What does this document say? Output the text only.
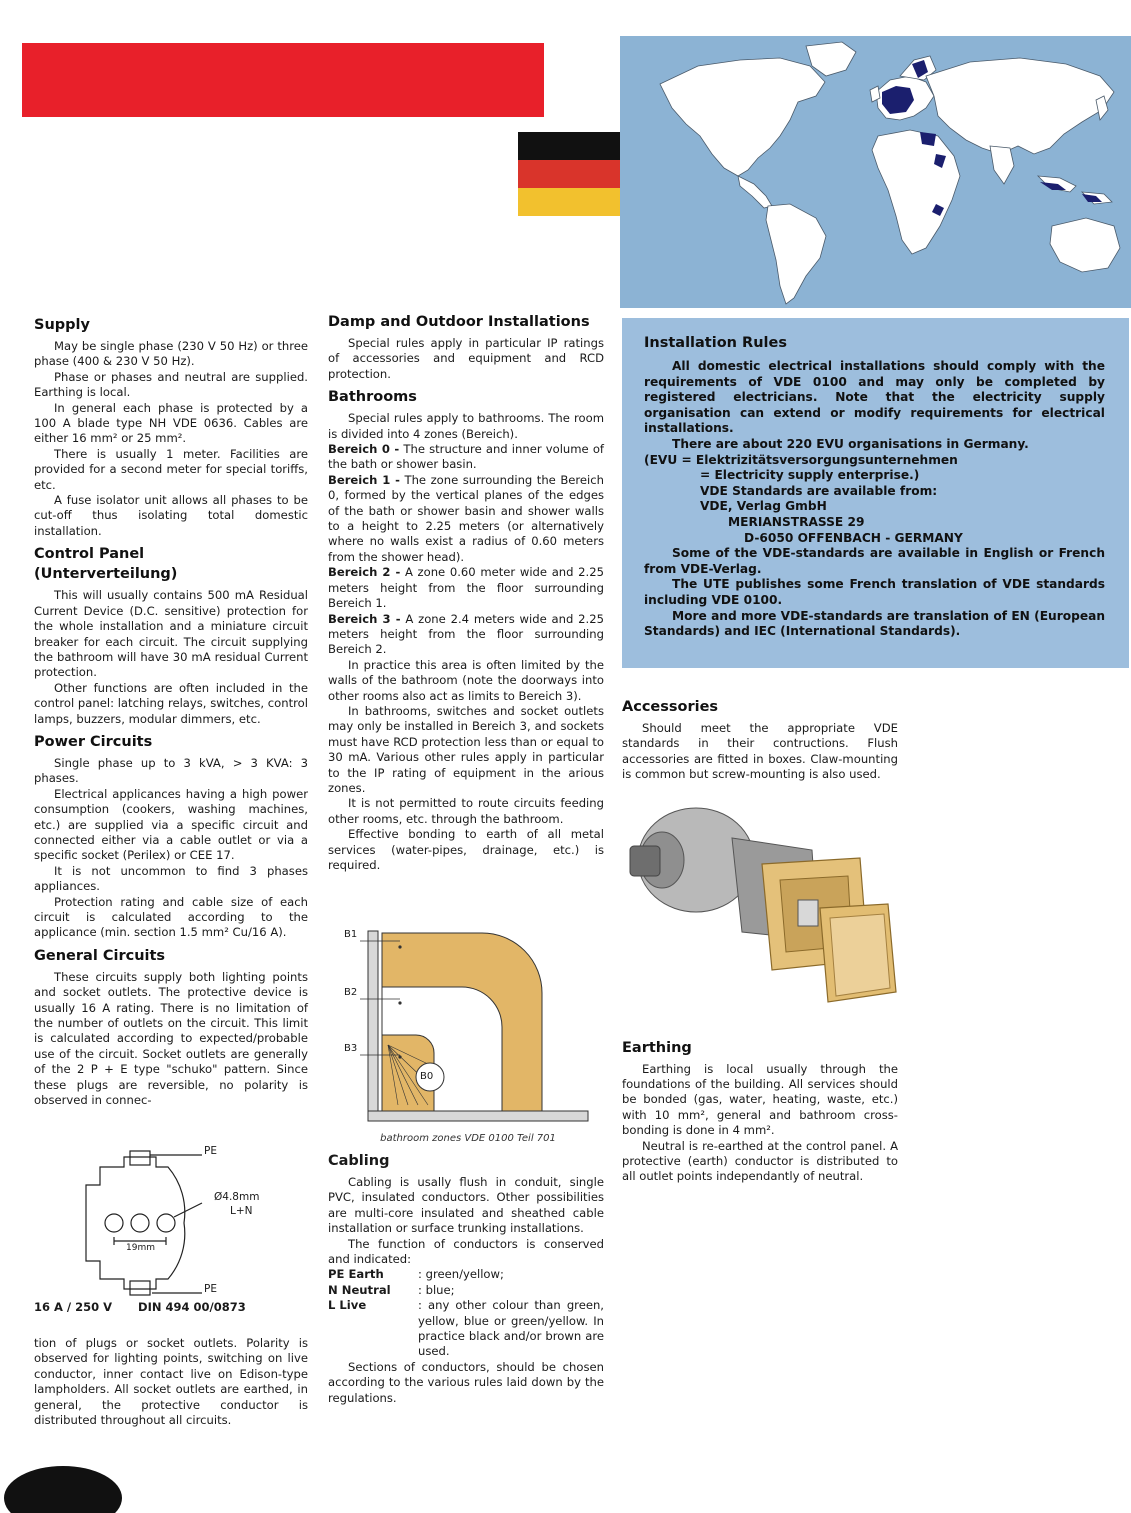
Supply

May be single phase (230 V 50 Hz) or three phase (400 & 230 V 50 Hz).

Phase or phases and neutral are supplied. Earthing is local.

In general each phase is protected by a 100 A blade type NH VDE 0636. Cables are either 16 mm² or 25 mm².

There is usually 1 meter. Facilities are provided for a second meter for special toriffs, etc.

A fuse isolator unit allows all phases to be cut-off thus isolating total domestic installation.

Control Panel
(Unterverteilung)

This will usually contains 500 mA Residual Current Device (D.C. sensitive) protection for the whole installation and a miniature circuit breaker for each circuit. The circuit supplying the bathroom will have 30 mA residual Current protection.

Other functions are often included in the control panel: latching relays, switches, control lamps, buzzers, modular dimmers, etc.

Power Circuits

Single phase up to 3 kVA, > 3 KVA: 3 phases.

Electrical applicances having a high power consumption (cookers, washing machines, etc.) are supplied via a specific circuit and connected either via a cable outlet or via a specific socket (Perilex) or CEE 17.

It is not uncommon to find 3 phases appliances.

Protection rating and cable size of each circuit is calculated according to the applicance (min. section 1.5 mm² Cu/16 A).

General Circuits

These circuits supply both lighting points and socket outlets. The protective device is usually 16 A rating. There is no limitation of the number of outlets on the circuit. This limit is calculated according to expected/probable use of the circuit. Socket outlets are generally of the 2 P + E type "schuko" pattern. Since these plugs are reversible, no polarity is observed in connec-

PE
Ø4.8mm
L+N
19mm
PE
16 A / 250 V DIN 494 00/0873

tion of plugs or socket outlets. Polarity is observed for lighting points, switching on live conductor, inner contact live on Edison-type lampholders. All socket outlets are earthed, in general, the protective conductor is distributed throughout all circuits.

Damp and Outdoor Installations

Special rules apply in particular IP ratings of accessories and equipment and RCD protection.

Bathrooms

Special rules apply to bathrooms. The room is divided into 4 zones (Bereich).

Bereich 0 - The structure and inner volume of the bath or shower basin.

Bereich 1 - The zone surrounding the Bereich 0, formed by the vertical planes of the edges of the bath or shower basin and shower walls to a height to 2.25 meters (or alternatively where no walls exist a radius of 0.60 meters from the shower head).

Bereich 2 - A zone 0.60 meter wide and 2.25 meters height from the floor surrounding Bereich 1.

Bereich 3 - A zone 2.4 meters wide and 2.25 meters height from the floor surrounding Bereich 2.

In practice this area is often limited by the walls of the bathroom (note the doorways into other rooms also act as limits to Bereich 3).

In bathrooms, switches and socket outlets may only be installed in Bereich 3, and sockets must have RCD protection less than or equal to 30 mA. Various other rules apply in particular to the IP rating of equipment in the arious zones.

It is not permitted to route circuits feeding other rooms, etc. through the bathroom.

Effective bonding to earth of all metal services (water-pipes, drainage, etc.) is required.

B1
B2
B3
B0
bathroom zones VDE 0100 Teil 701
Cabling

Cabling is usally flush in conduit, single PVC, insulated conductors. Other possibilities are multi-core insulated and sheathed cable installation or surface trunking installations.

The function of conductors is conserved and indicated:

PE Earth	: green/yellow;
N Neutral	: blue;
L Live	: any other colour than green, yellow, blue or green/yellow. In practice black and/or brown are used.

Sections of conductors, should be chosen according to the various rules laid down by the regulations.

Installation Rules

All domestic electrical installations should comply with the requirements of VDE 0100 and may only be completed by registered electricians. Note that the electricity supply organisation can extend or modify requirements for electrical installations.

There are about 220 EVU organisations in Germany.

(EVU = Elektrizitätsversorgungsunternehmen

= Electricity supply enterprise.)

VDE Standards are available from:

VDE, Verlag GmbH

MERIANSTRASSE 29

D-6050 OFFENBACH - GERMANY

Some of the VDE-standards are available in English or French from VDE-Verlag.

The UTE publishes some French translation of VDE standards including VDE 0100.

More and more VDE-standards are translation of EN (European Standards) and IEC (International Standards).

Accessories

Should meet the appropriate VDE standards in their contructions. Flush accessories are fitted in boxes. Claw-mounting is common but screw-mounting is also used.

Earthing

Earthing is local usually through the foundations of the building. All services should be bonded (gas, water, heating, waste, etc.) with 10 mm², general and bathroom cross-bonding is done in 4 mm².

Neutral is re-earthed at the control panel. A protective (earth) conductor is distributed to all outlet points independantly of neutral.
